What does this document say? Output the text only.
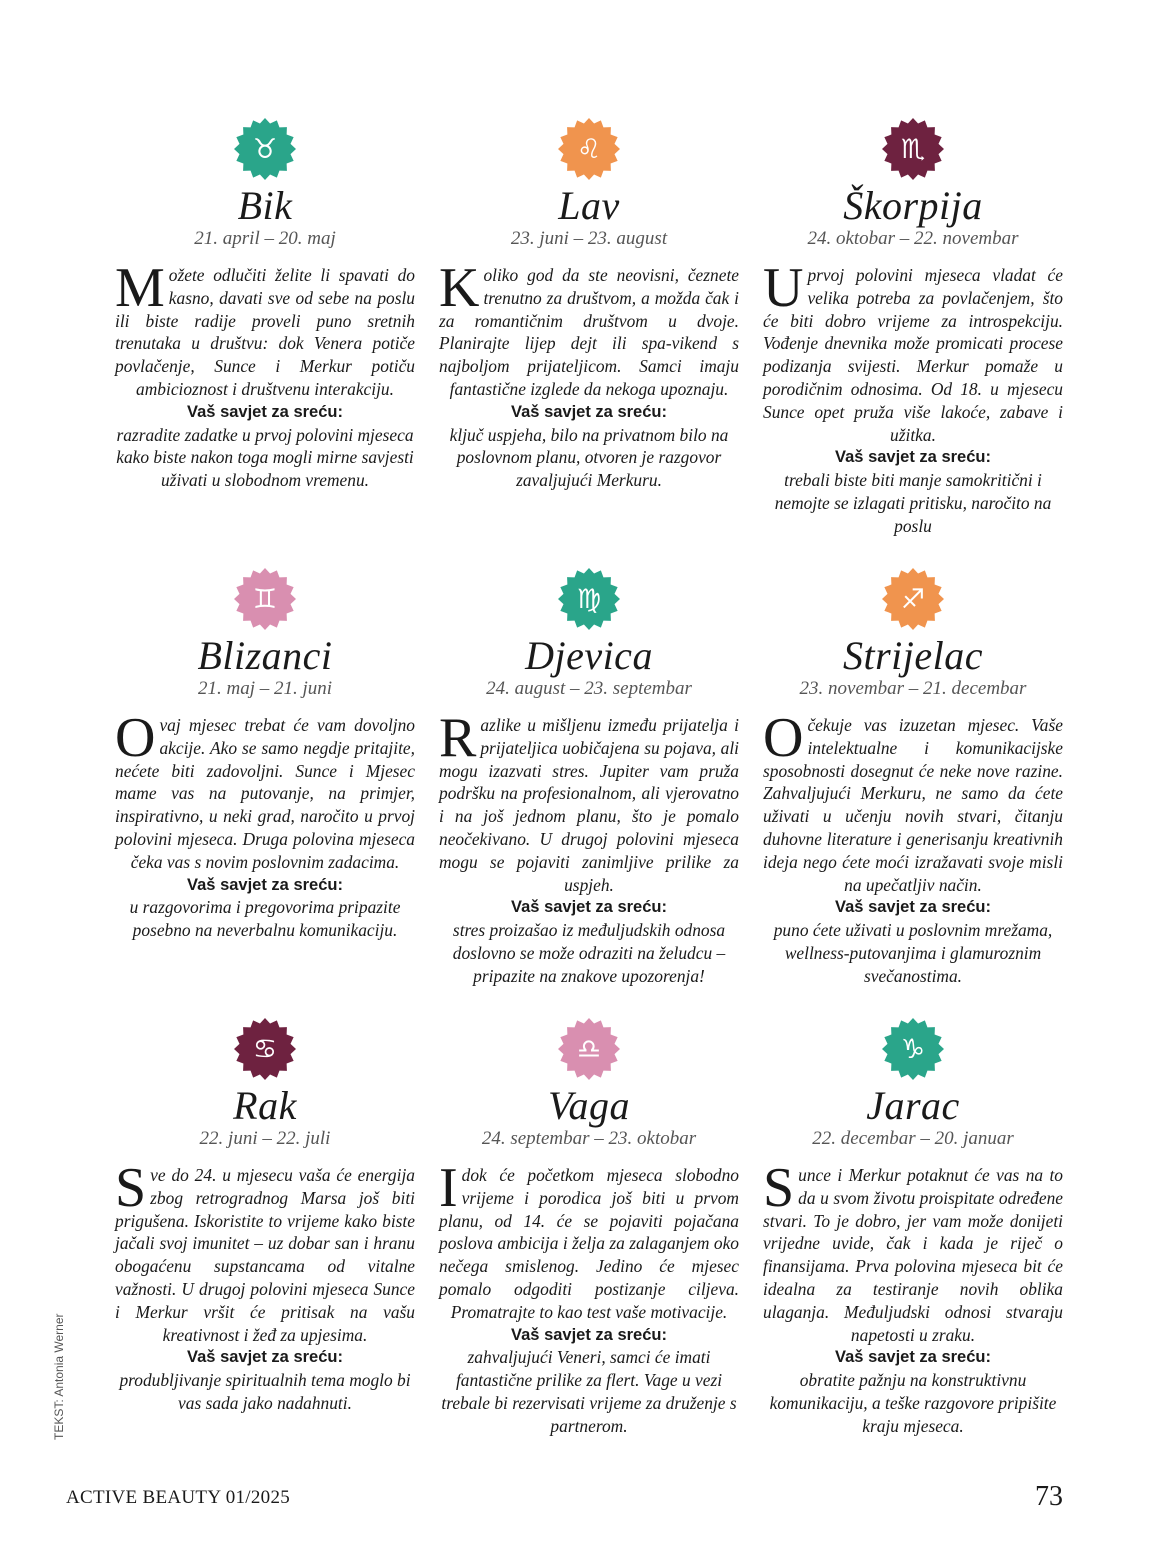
♉
Bik
21. april – 20. maj
Možete odlučiti želite li spavati do kasno, davati sve od sebe na poslu ili biste radije proveli puno sretnih trenutaka u društvu: dok Venera potiče povlačenje, Sunce i Merkur potiču ambicioznost i društvenu interakciju.
Vaš savjet za sreću:
razradite zadatke u prvoj polovini mjeseca kako biste nakon toga mogli mirne savjesti uživati u slobodnom vremenu.
♌
Lav
23. juni – 23. august
Koliko god da ste neovisni, čeznete trenutno za društvom, a možda čak i za romantičnim društvom u dvoje. Planirajte lijep dejt ili spa-vikend s najboljom prijateljicom. Samci imaju fantastične izglede da nekoga upoznaju.
Vaš savjet za sreću:
ključ uspjeha, bilo na privatnom bilo na poslovnom planu, otvoren je razgovor zavaljujući Merkuru.
♏
Škorpija
24. oktobar – 22. novembar
U prvoj polovini mjeseca vladat će velika potreba za povlačenjem, što će biti dobro vrijeme za introspekciju. Vođenje dnevnika može promicati procese podizanja svijesti. Merkur pomaže u porodičnim odnosima. Od 18. u mjesecu Sunce opet pruža više lakoće, zabave i užitka.
Vaš savjet za sreću:
trebali biste biti manje samokritični i nemojte se izlagati pritisku, naročito na poslu
♊
Blizanci
21. maj – 21. juni
Ovaj mjesec trebat će vam dovoljno akcije. Ako se samo negdje pritajite, nećete biti zadovoljni. Sunce i Mjesec mame vas na putovanje, na primjer, inspirativno, u neki grad, naročito u prvoj polovini mjeseca. Druga polovina mjeseca čeka vas s novim poslovnim zadacima.
Vaš savjet za sreću:
u razgovorima i pregovorima pripazite posebno na neverbalnu komunikaciju.
♍
Djevica
24. august – 23. septembar
Razlike u mišljenu između prijatelja i prijateljica uobičajena su pojava, ali mogu izazvati stres. Jupiter vam pruža podršku na profesionalnom, ali vjerovatno i na još jednom planu, što je pomalo neočekivano. U drugoj polovini mjeseca mogu se pojaviti zanimljive prilike za uspjeh.
Vaš savjet za sreću:
stres proizašao iz međuljudskih odnosa doslovno se može odraziti na želudcu – pripazite na znakove upozorenja!
♐
Strijelac
23. novembar – 21. decembar
Očekuje vas izuzetan mjesec. Vaše intelektualne i komunikacijske sposobnosti dosegnut će neke nove razine. Zahvaljujući Merkuru, ne samo da ćete uživati u učenju novih stvari, čitanju duhovne literature i generisanju kreativnih ideja nego ćete moći izražavati svoje misli na upečatljiv način.
Vaš savjet za sreću:
puno ćete uživati u poslovnim mrežama, wellness-putovanjima i glamuroznim svečanostima.
♋
Rak
22. juni – 22. juli
Sve do 24. u mjesecu vaša će energija zbog retrogradnog Marsa još biti prigušena. Iskoristite to vrijeme kako biste jačali svoj imunitet – uz dobar san i hranu obogaćenu supstancama od vitalne važnosti. U drugoj polovini mjeseca Sunce i Merkur vršit će pritisak na vašu kreativnost i žeđ za upjesima.
Vaš savjet za sreću:
produbljivanje spiritualnih tema moglo bi vas sada jako nadahnuti.
♎
Vaga
24. septembar – 23. oktobar
I dok će početkom mjeseca slobodno vrijeme i porodica još biti u prvom planu, od 14. će se pojaviti pojačana poslova ambicija i želja za zalaganjem oko nečega smislenog. Jedino će mjesec pomalo odgoditi postizanje ciljeva. Promatrajte to kao test vaše motivacije.
Vaš savjet za sreću:
zahvaljujući Veneri, samci će imati fantastične prilike za flert. Vage u vezi trebale bi rezervisati vrijeme za druženje s partnerom.
♑
Jarac
22. decembar – 20. januar
Sunce i Merkur potaknut će vas na to da u svom životu proispitate određene stvari. To je dobro, jer vam može donijeti vrijedne uvide, čak i kada je riječ o finansijama. Prva polovina mjeseca bit će idealna za testiranje novih oblika ulaganja. Međuljudski odnosi stvaraju napetosti u zraku.
Vaš savjet za sreću:
obratite pažnju na konstruktivnu komunikaciju, a teške razgovore pripišite kraju mjeseca.
TEKST: Antonia Werner
ACTIVE BEAUTY 01/2025	73
